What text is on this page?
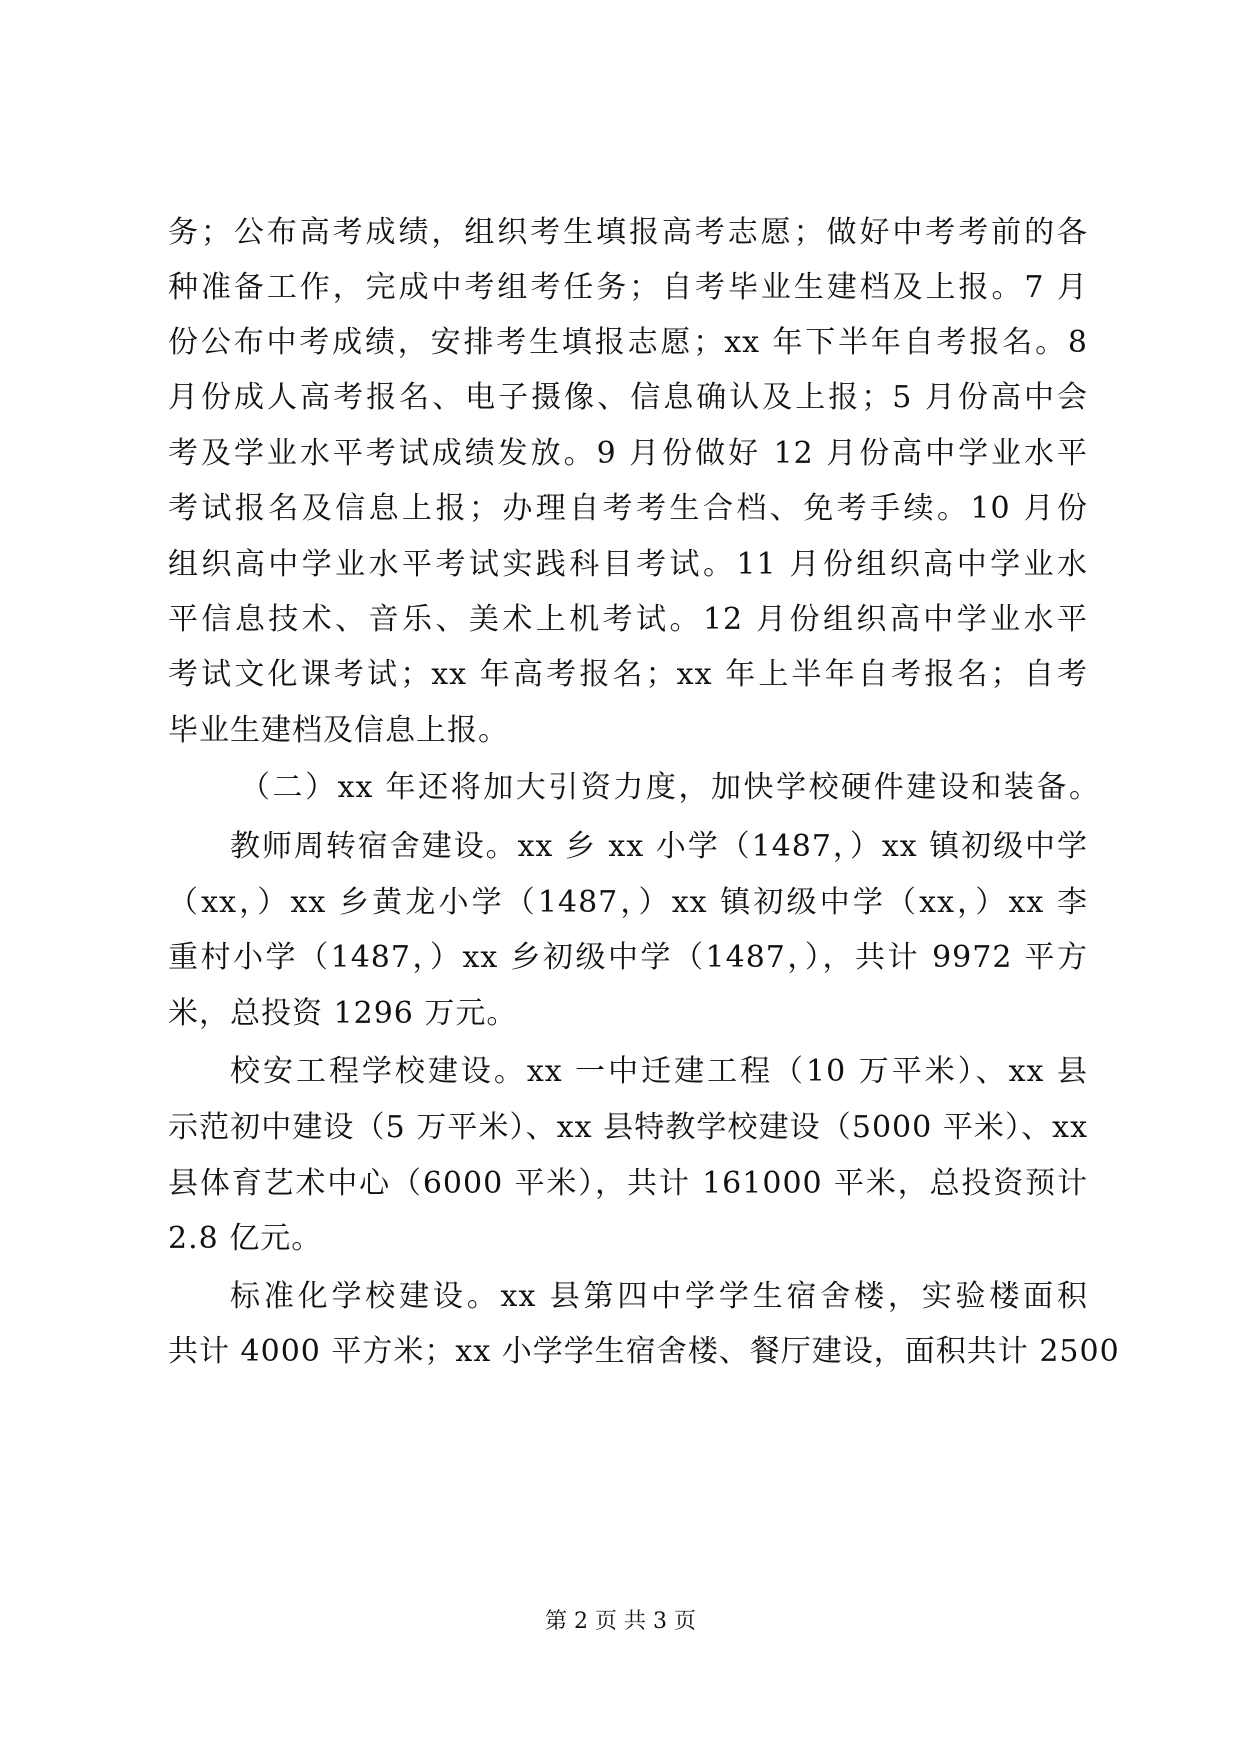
务；公布高考成绩，组织考生填报高考志愿；做好中考考前的各
种准备工作，完成中考组考任务；自考毕业生建档及上报。7 月
份公布中考成绩，安排考生填报志愿；xx 年下半年自考报名。8
月份成人高考报名、电子摄像、信息确认及上报；5 月份高中会
考及学业水平考试成绩发放。9 月份做好 12 月份高中学业水平
考试报名及信息上报；办理自考考生合档、免考手续。10 月份
组织高中学业水平考试实践科目考试。11 月份组织高中学业水
平信息技术、音乐、美术上机考试。12 月份组织高中学业水平
考试文化课考试；xx 年高考报名；xx 年上半年自考报名；自考
毕业生建档及信息上报。
（二）xx 年还将加大引资力度，加快学校硬件建设和装备。
教师周转宿舍建设。xx 乡 xx 小学（1487，）xx 镇初级中学
（xx，）xx 乡黄龙小学（1487，）xx 镇初级中学（xx，）xx 李
重村小学（1487，）xx 乡初级中学（1487，），共计 9972 平方
米，总投资 1296 万元。
校安工程学校建设。xx 一中迁建工程（10 万平米）、xx 县
示范初中建设（5 万平米）、xx 县特教学校建设（5000 平米）、xx
县体育艺术中心（6000 平米），共计 161000 平米，总投资预计
2.8 亿元。
标准化学校建设。xx 县第四中学学生宿舍楼，实验楼面积
共计 4000 平方米；xx 小学学生宿舍楼、餐厅建设，面积共计 2500
第 2 页 共 3 页
